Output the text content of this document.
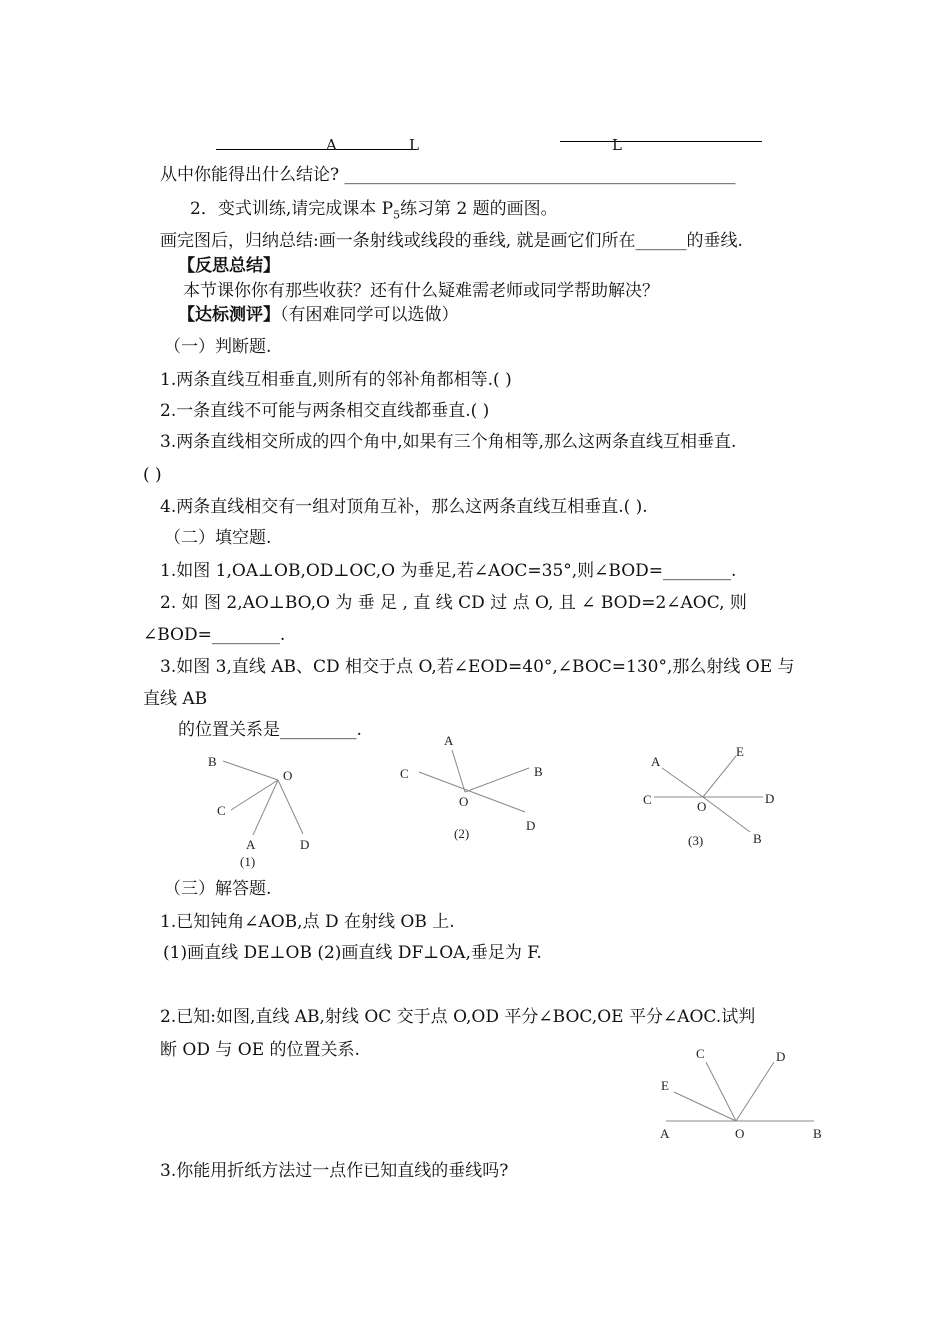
A	L	L
从中你能得出什么结论? ______________________________________________
2．变式训练,请完成课本 $P_5$练习第 2 题的画图。
画完图后，归纳总结:画一条射线或线段的垂线, 就是画它们所在______的垂线.
【反思总结】
本节课你你有那些收获？还有什么疑难需老师或同学帮助解决？
【达标测评】（有困难同学可以选做）
（一）判断题.
1.两条直线互相垂直,则所有的邻补角都相等.( )
2.一条直线不可能与两条相交直线都垂直.( )
3.两条直线相交所成的四个角中,如果有三个角相等,那么这两条直线互相垂直.
( )
4.两条直线相交有一组对顶角互补，那么这两条直线互相垂直.( ).
（二）填空题.
1.如图 1,OA⊥OB,OD⊥OC,O 为垂足,若∠AOC=35°,则∠BOD=________.
2. 如 图 2,AO⊥BO,O 为 垂 足 , 直 线 CD 过 点 O, 且 ∠ BOD=2∠AOC, 则
∠BOD=________.
3.如图 3,直线 AB、CD 相交于点 O,若∠EOD=40°,∠BOC=130°,那么射线 OE 与
直线 AB
的位置关系是_________.
B
O
C
A	D
(1)
A
B
C
O
D
(2)
A
E
C	O
D
B
(3)
（三）解答题.
1.已知钝角∠AOB,点 D 在射线 OB 上.
(1)画直线 DE⊥OB (2)画直线 DF⊥OA,垂足为 F.
2.已知:如图,直线 AB,射线 OC 交于点 O,OD 平分∠BOC,OE 平分∠AOC.试判
断 OD 与 OE 的位置关系.	C	D
E
A	O	B
3.你能用折纸方法过一点作已知直线的垂线吗?
